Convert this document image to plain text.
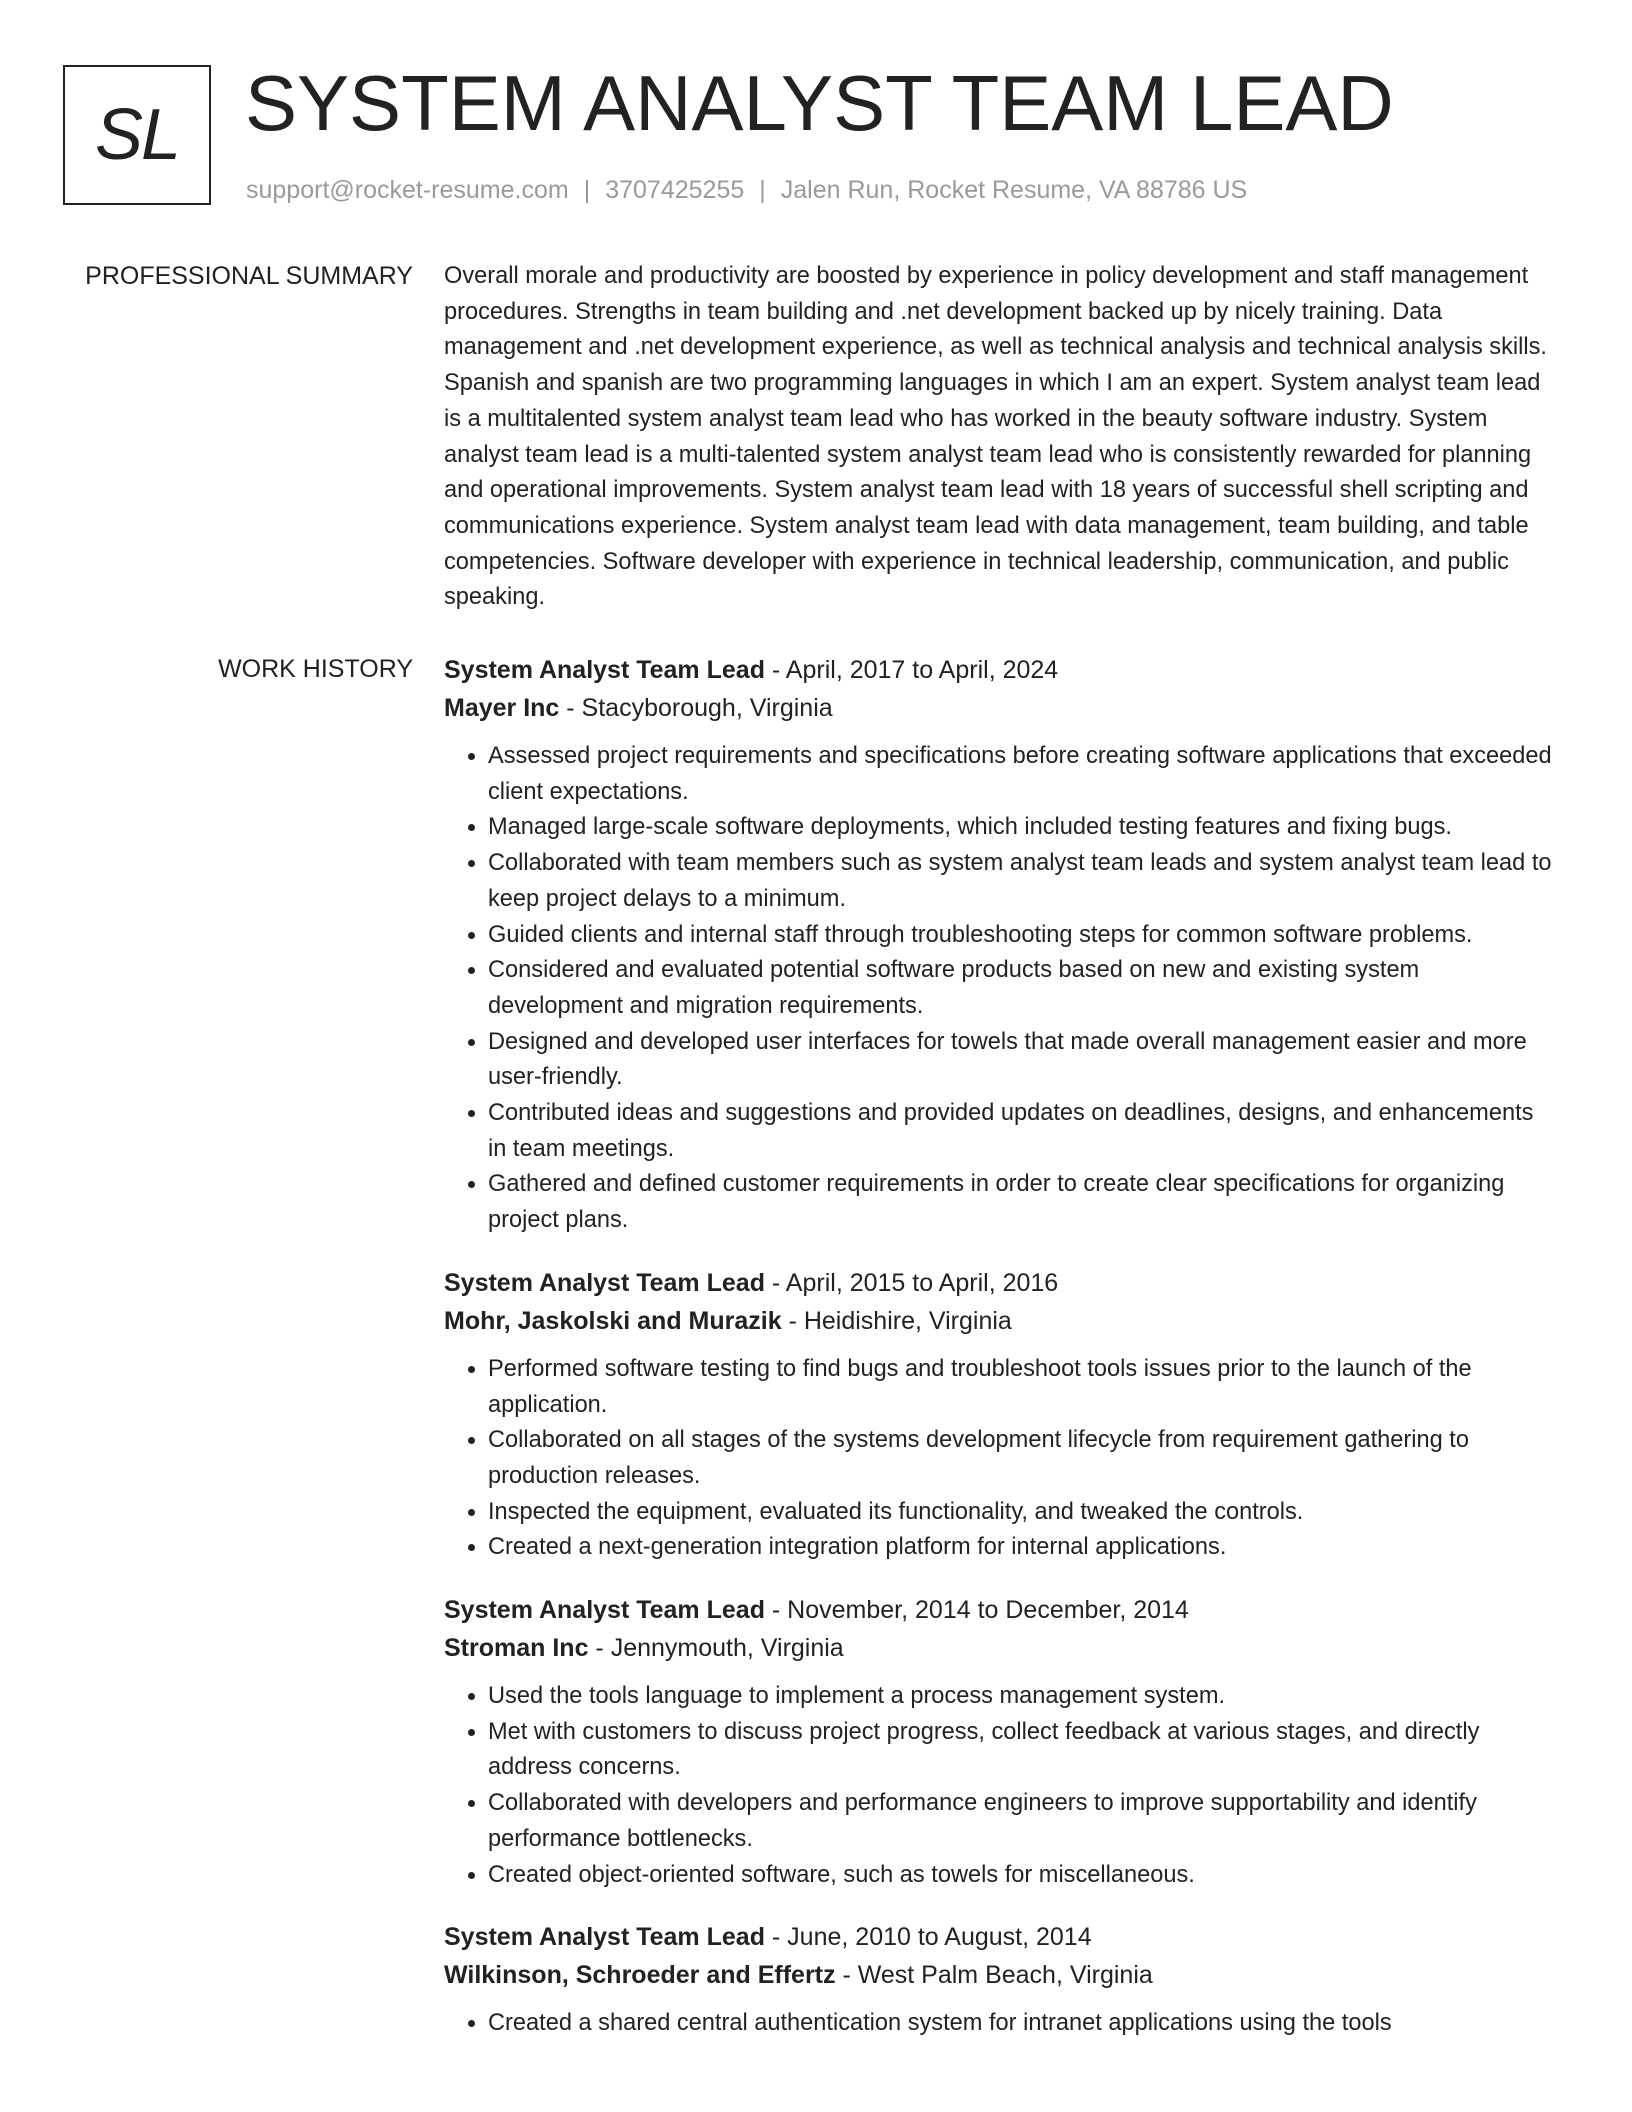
SL SYSTEM ANALYST TEAM LEAD
support@rocket-resume.com | 3707425255 | Jalen Run, Rocket Resume, VA 88786 US
PROFESSIONAL SUMMARY Overall morale and productivity are boosted by experience in policy development and staff management procedures. Strengths in team building and .net development backed up by nicely training. Data management and .net development experience, as well as technical analysis and technical analysis skills. Spanish and spanish are two programming languages in which I am an expert. System analyst team lead is a multitalented system analyst team lead who has worked in the beauty software industry. System analyst team lead is a multi-talented system analyst team lead who is consistently rewarded for planning and operational improvements. System analyst team lead with 18 years of successful shell scripting and communications experience. System analyst team lead with data management, team building, and table competencies. Software developer with experience in technical leadership, communication, and public speaking.

WORK HISTORY System Analyst Team Lead - April, 2017 to April, 2024
Mayer Inc - Stacyborough, Virginia
• Assessed project requirements and specifications before creating software applications that exceeded client expectations.
• Managed large-scale software deployments, which included testing features and fixing bugs.
• Collaborated with team members such as system analyst team leads and system analyst team lead to keep project delays to a minimum.
• Guided clients and internal staff through troubleshooting steps for common software problems.
• Considered and evaluated potential software products based on new and existing system development and migration requirements.
• Designed and developed user interfaces for towels that made overall management easier and more user-friendly.
• Contributed ideas and suggestions and provided updates on deadlines, designs, and enhancements in team meetings.
• Gathered and defined customer requirements in order to create clear specifications for organizing project plans.
System Analyst Team Lead - April, 2015 to April, 2016
Mohr, Jaskolski and Murazik - Heidishire, Virginia
• Performed software testing to find bugs and troubleshoot tools issues prior to the launch of the application.
• Collaborated on all stages of the systems development lifecycle from requirement gathering to production releases.
• Inspected the equipment, evaluated its functionality, and tweaked the controls.
• Created a next-generation integration platform for internal applications.
System Analyst Team Lead - November, 2014 to December, 2014
Stroman Inc - Jennymouth, Virginia
• Used the tools language to implement a process management system.
• Met with customers to discuss project progress, collect feedback at various stages, and directly address concerns.
• Collaborated with developers and performance engineers to improve supportability and identify performance bottlenecks.
• Created object-oriented software, such as towels for miscellaneous.
System Analyst Team Lead - June, 2010 to August, 2014
Wilkinson, Schroeder and Effertz - West Palm Beach, Virginia
• Created a shared central authentication system for intranet applications using the tools
